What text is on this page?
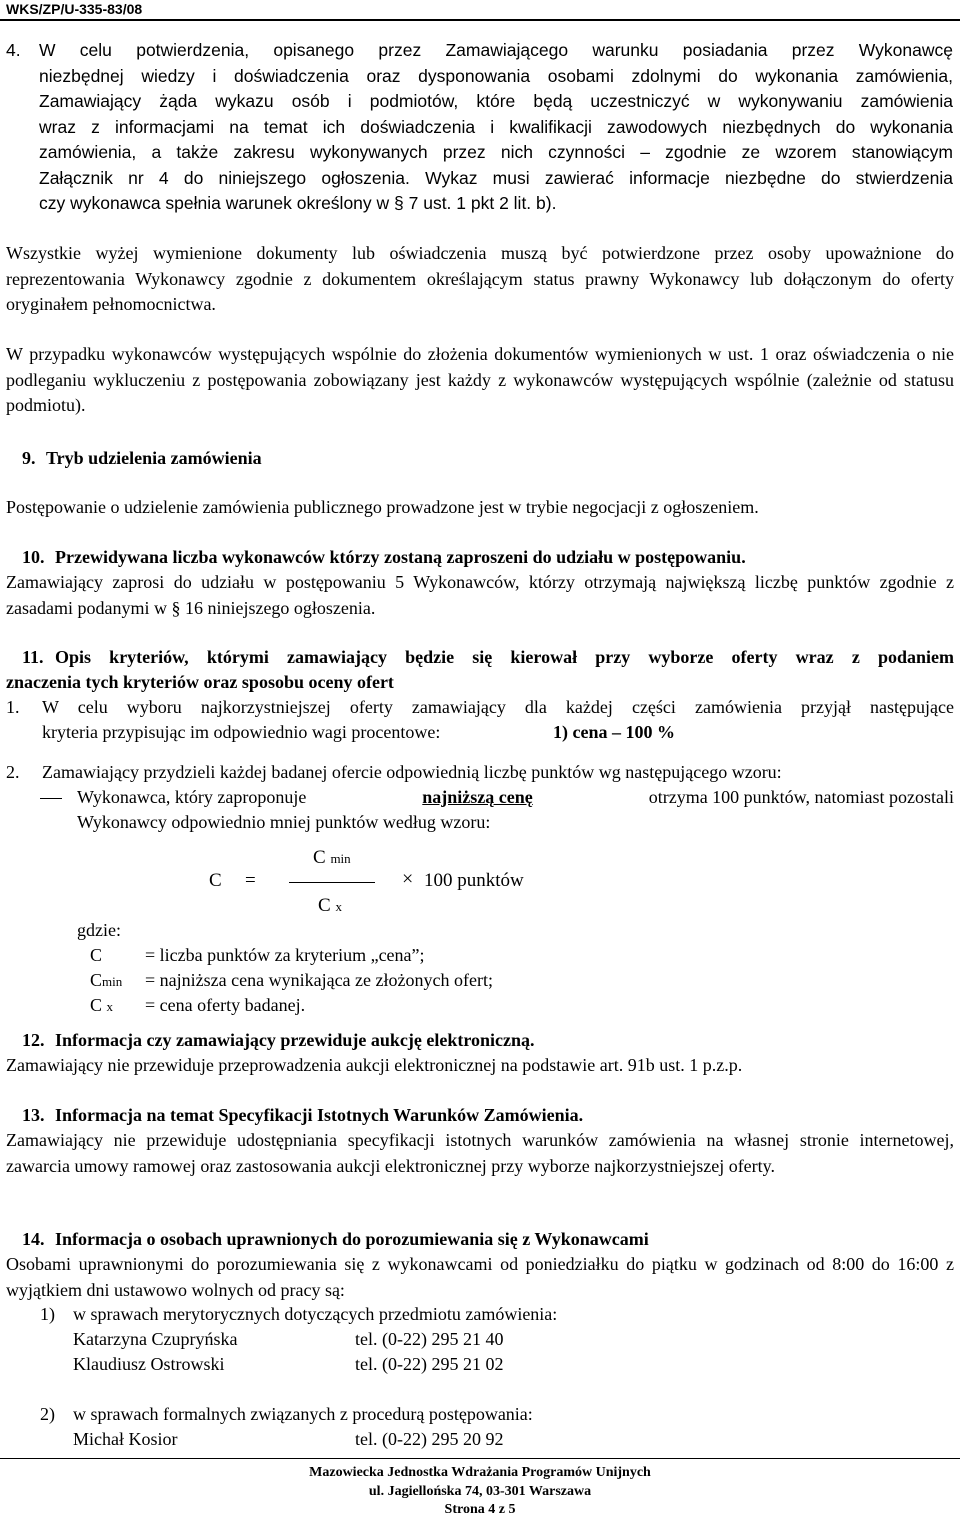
WKS/ZP/U-335-83/08
4. W celu potwierdzenia, opisanego przez Zamawiającego warunku posiadania przez Wykonawcę
niezbędnej wiedzy i doświadczenia oraz dysponowania osobami zdolnymi do wykonania zamówienia,
Zamawiający żąda wykazu osób i podmiotów, które będą uczestniczyć w wykonywaniu zamówienia
wraz z informacjami na temat ich doświadczenia i kwalifikacji zawodowych niezbędnych do wykonania
zamówienia, a także zakresu wykonywanych przez nich czynności – zgodnie ze wzorem stanowiącym
Załącznik nr 4 do niniejszego ogłoszenia. Wykaz musi zawierać informacje niezbędne do stwierdzenia
czy wykonawca spełnia warunek określony w § 7 ust. 1 pkt 2 lit. b).
Wszystkie wyżej wymienione dokumenty lub oświadczenia muszą być potwierdzone przez osoby upoważnione do reprezentowania Wykonawcy zgodnie z dokumentem określającym status prawny Wykonawcy lub dołączonym do oferty oryginałem pełnomocnictwa.
W przypadku wykonawców występujących wspólnie do złożenia dokumentów wymienionych w ust. 1 oraz oświadczenia o nie podleganiu wykluczeniu z postępowania zobowiązany jest każdy z wykonawców występujących wspólnie (zależnie od statusu podmiotu).
9. Tryb udzielenia zamówienia
Postępowanie o udzielenie zamówienia publicznego prowadzone jest w trybie negocjacji z ogłoszeniem.
10. Przewidywana liczba wykonawców którzy zostaną zaproszeni do udziału w postępowaniu.
Zamawiający zaprosi do udziału w postępowaniu 5 Wykonawców, którzy otrzymają największą liczbę punktów zgodnie z zasadami podanymi w § 16 niniejszego ogłoszenia.
11. Opis kryteriów, którymi zamawiający będzie się kierował przy wyborze oferty wraz z podaniem
znaczenia tych kryteriów oraz sposobu oceny ofert
1. W celu wyboru najkorzystniejszej oferty zamawiający dla każdej części zamówienia przyjął następujące
kryteria przypisując im odpowiednio wagi procentowe:	1) cena – 100 %
2. Zamawiający przydzieli każdej badanej ofercie odpowiednią liczbę punktów wg następującego wzoru:
Wykonawca, który zaproponuje	najniższą cenę	otrzyma 100 punktów, natomiast pozostali
Wykonawcy odpowiednio mniej punktów według wzoru:
C =
C min
C x
× 100 punktów
gdzie:
C = liczba punktów za kryterium „cena”;
Cmin = najniższa cena wynikająca ze złożonych ofert;
C x = cena oferty badanej.
12. Informacja czy zamawiający przewiduje aukcję elektroniczną.
Zamawiający nie przewiduje przeprowadzenia aukcji elektronicznej na podstawie art. 91b ust. 1 p.z.p.
13. Informacja na temat Specyfikacji Istotnych Warunków Zamówienia.
Zamawiający nie przewiduje udostępniania specyfikacji istotnych warunków zamówienia na własnej stronie internetowej, zawarcia umowy ramowej oraz zastosowania aukcji elektronicznej przy wyborze najkorzystniejszej oferty.
14. Informacja o osobach uprawnionych do porozumiewania się z Wykonawcami
Osobami uprawnionymi do porozumiewania się z wykonawcami od poniedziałku do piątku w godzinach od 8:00 do 16:00 z wyjątkiem dni ustawowo wolnych od pracy są:
1) w sprawach merytorycznych dotyczących przedmiotu zamówienia:
Katarzyna Czupryńska	tel. (0-22) 295 21 40
Klaudiusz Ostrowski	tel. (0-22) 295 21 02
2) w sprawach formalnych związanych z procedurą postępowania:
Michał Kosior	tel. (0-22) 295 20 92
Mazowiecka Jednostka Wdrażania Programów Unijnych
ul. Jagiellońska 74, 03-301 Warszawa
Strona 4 z 5
